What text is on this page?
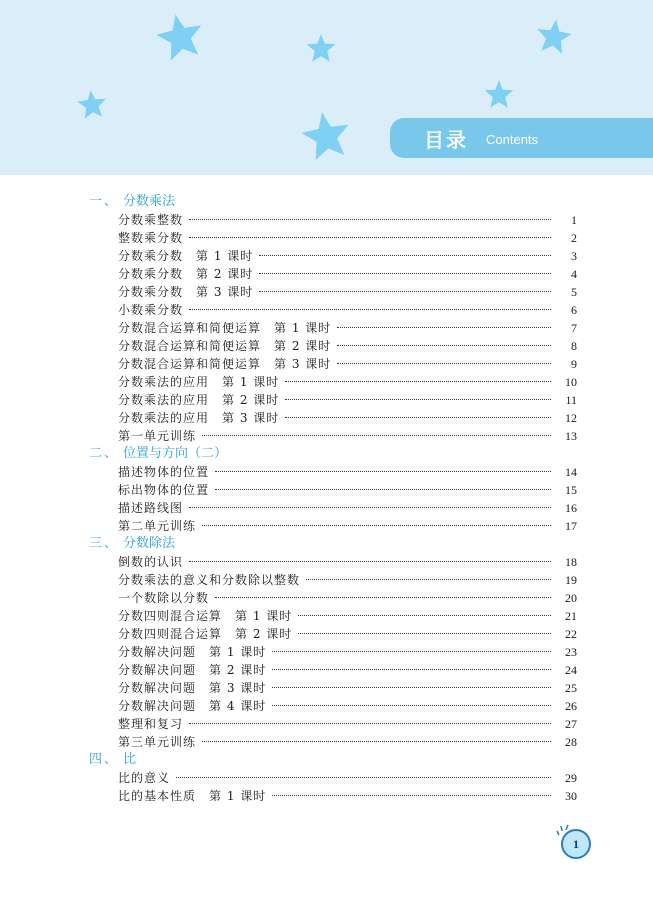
目录 Contents
一、 分数乘法
分数乘整数	1
整数乘分数	2
分数乘分数　第 1 课时	3
分数乘分数　第 2 课时	4
分数乘分数　第 3 课时	5
小数乘分数	6
分数混合运算和简便运算　第 1 课时	7
分数混合运算和简便运算　第 2 课时	8
分数混合运算和简便运算　第 3 课时	9
分数乘法的应用　第 1 课时	10
分数乘法的应用　第 2 课时	11
分数乘法的应用　第 3 课时	12
第一单元训练	13
二、 位置与方向（二）
描述物体的位置	14
标出物体的位置	15
描述路线图	16
第二单元训练	17
三、 分数除法
倒数的认识	18
分数乘法的意义和分数除以整数	19
一个数除以分数	20
分数四则混合运算　第 1 课时	21
分数四则混合运算　第 2 课时	22
分数解决问题　第 1 课时	23
分数解决问题　第 2 课时	24
分数解决问题　第 3 课时	25
分数解决问题　第 4 课时	26
整理和复习	27
第三单元训练	28
四、 比
比的意义	29
比的基本性质　第 1 课时	30
1
